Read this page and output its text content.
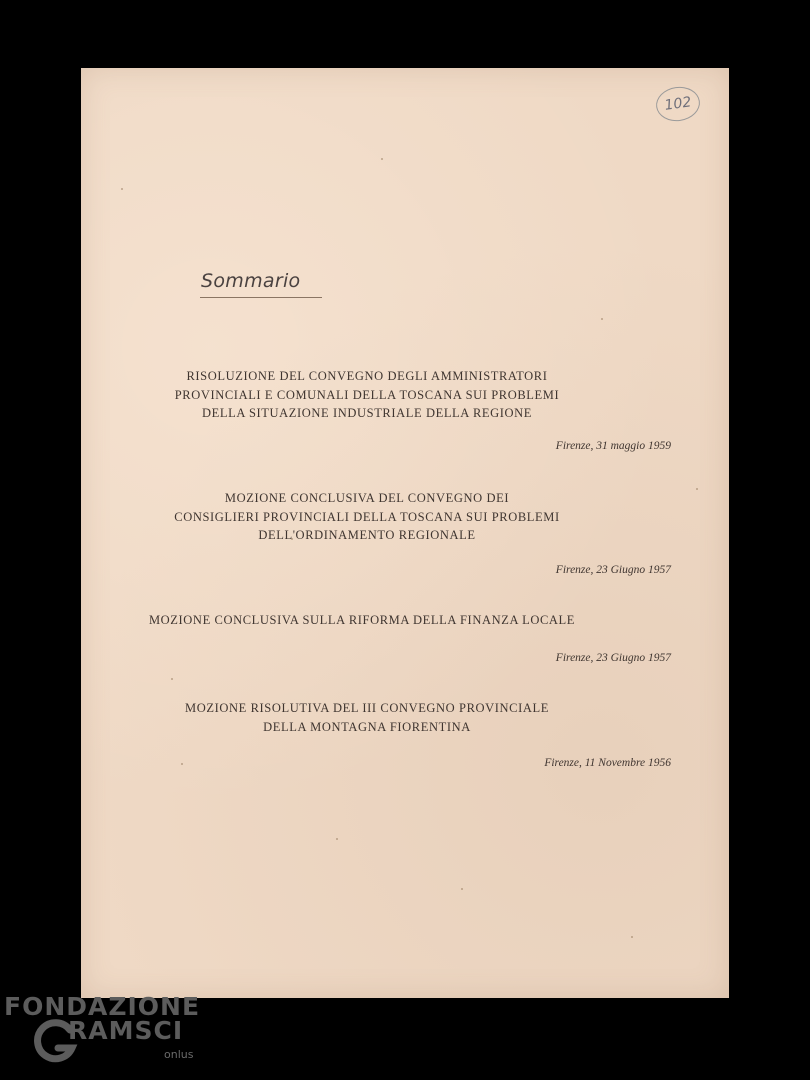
102
Sommario
RISOLUZIONE DEL CONVEGNO DEGLI AMMINISTRATORI
PROVINCIALI E COMUNALI DELLA TOSCANA SUI PROBLEMI
DELLA SITUAZIONE INDUSTRIALE DELLA REGIONE
Firenze, 31 maggio 1959
MOZIONE CONCLUSIVA DEL CONVEGNO DEI
CONSIGLIERI PROVINCIALI DELLA TOSCANA SUI PROBLEMI
DELL'ORDINAMENTO REGIONALE
Firenze, 23 Giugno 1957
MOZIONE CONCLUSIVA SULLA RIFORMA DELLA FINANZA LOCALE
Firenze, 23 Giugno 1957
MOZIONE RISOLUTIVA DEL III CONVEGNO PROVINCIALE
DELLA MONTAGNA FIORENTINA
Firenze, 11 Novembre 1956
FONDAZIONE
RAMSCI
onlus
